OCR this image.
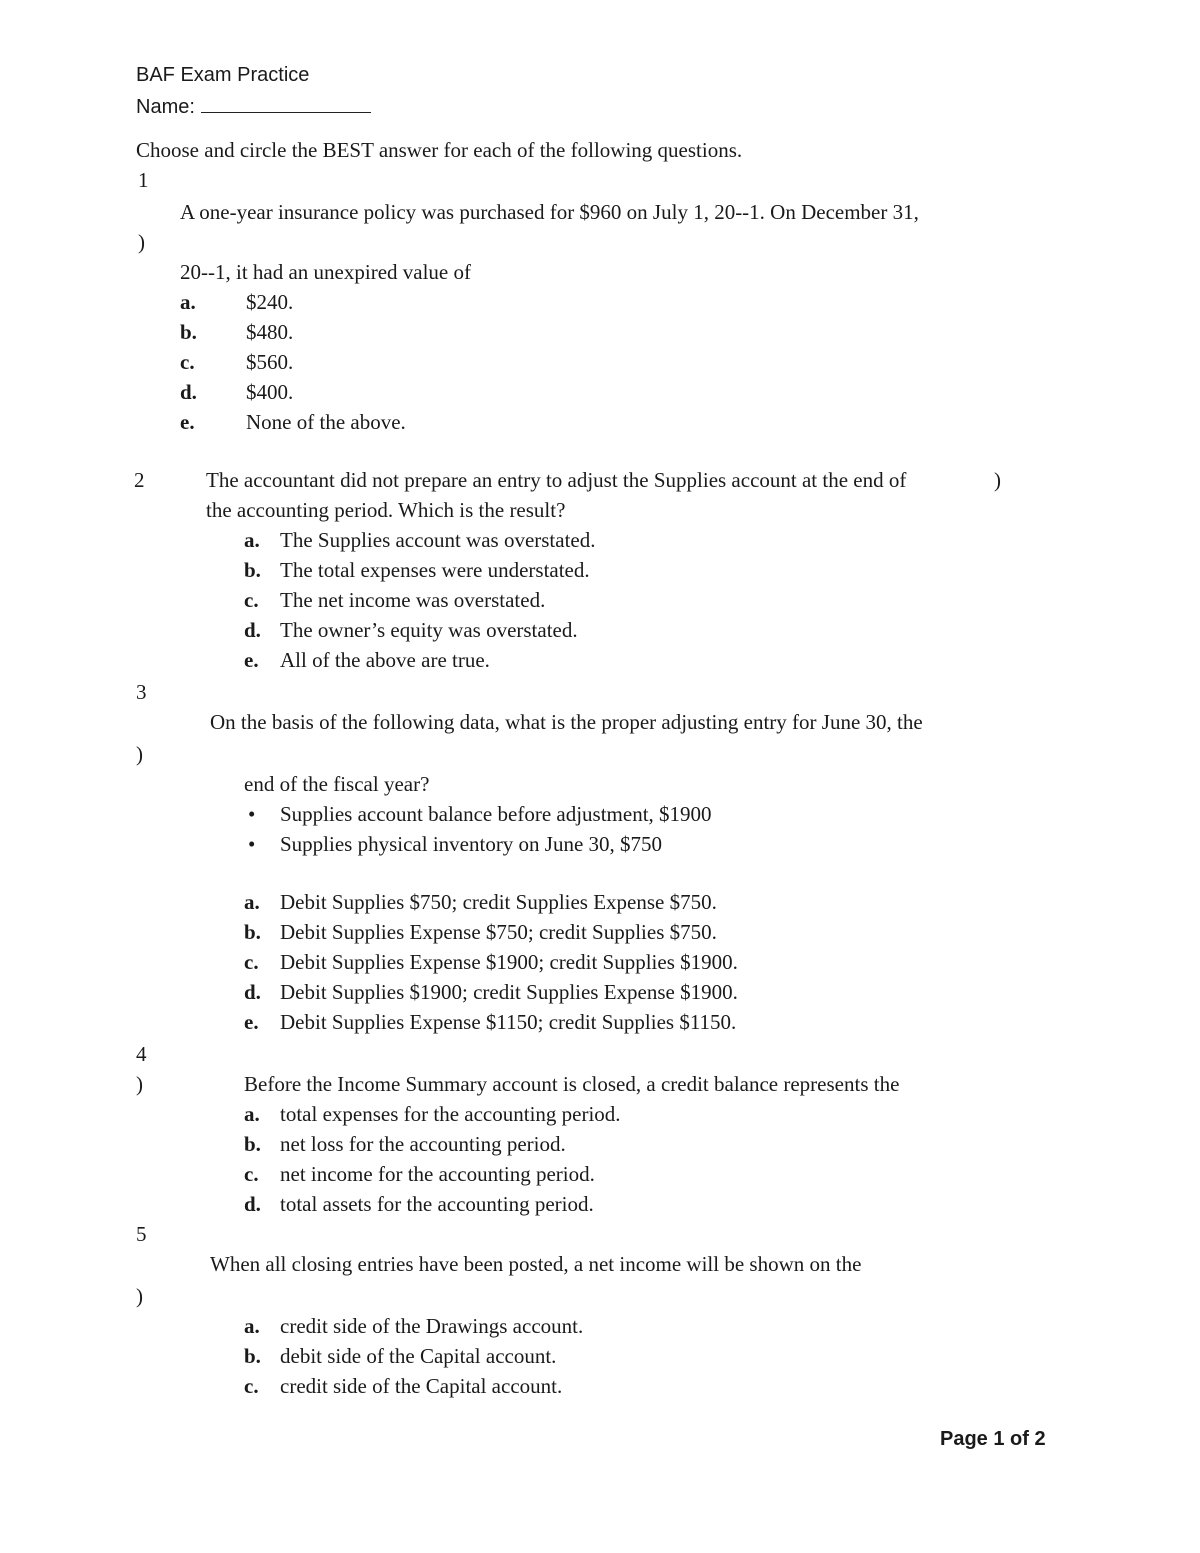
BAF Exam Practice
Name:
Choose and circle the BEST answer for each of the following questions.
1
A one-year insurance policy was purchased for $960 on July 1, 20--1. On December 31,
)
20--1, it had an unexpired value of
a. $240.
b. $480.
c. $560.
d. $400.
e. None of the above.
2	The accountant did not prepare an entry to adjust the Supplies account at the end of	)
the accounting period. Which is the result?
a. The Supplies account was overstated.
b. The total expenses were understated.
c. The net income was overstated.
d. The owner’s equity was overstated.
e. All of the above are true.
3
On the basis of the following data, what is the proper adjusting entry for June 30, the
)
end of the fiscal year?
• Supplies account balance before adjustment, $1900
• Supplies physical inventory on June 30, $750
a. Debit Supplies $750; credit Supplies Expense $750.
b. Debit Supplies Expense $750; credit Supplies $750.
c. Debit Supplies Expense $1900; credit Supplies $1900.
d. Debit Supplies $1900; credit Supplies Expense $1900.
e. Debit Supplies Expense $1150; credit Supplies $1150.
4
)	Before the Income Summary account is closed, a credit balance represents the
a. total expenses for the accounting period.
b. net loss for the accounting period.
c. net income for the accounting period.
d. total assets for the accounting period.
5
When all closing entries have been posted, a net income will be shown on the
)
a. credit side of the Drawings account.
b. debit side of the Capital account.
c. credit side of the Capital account.
Page 1 of 2
